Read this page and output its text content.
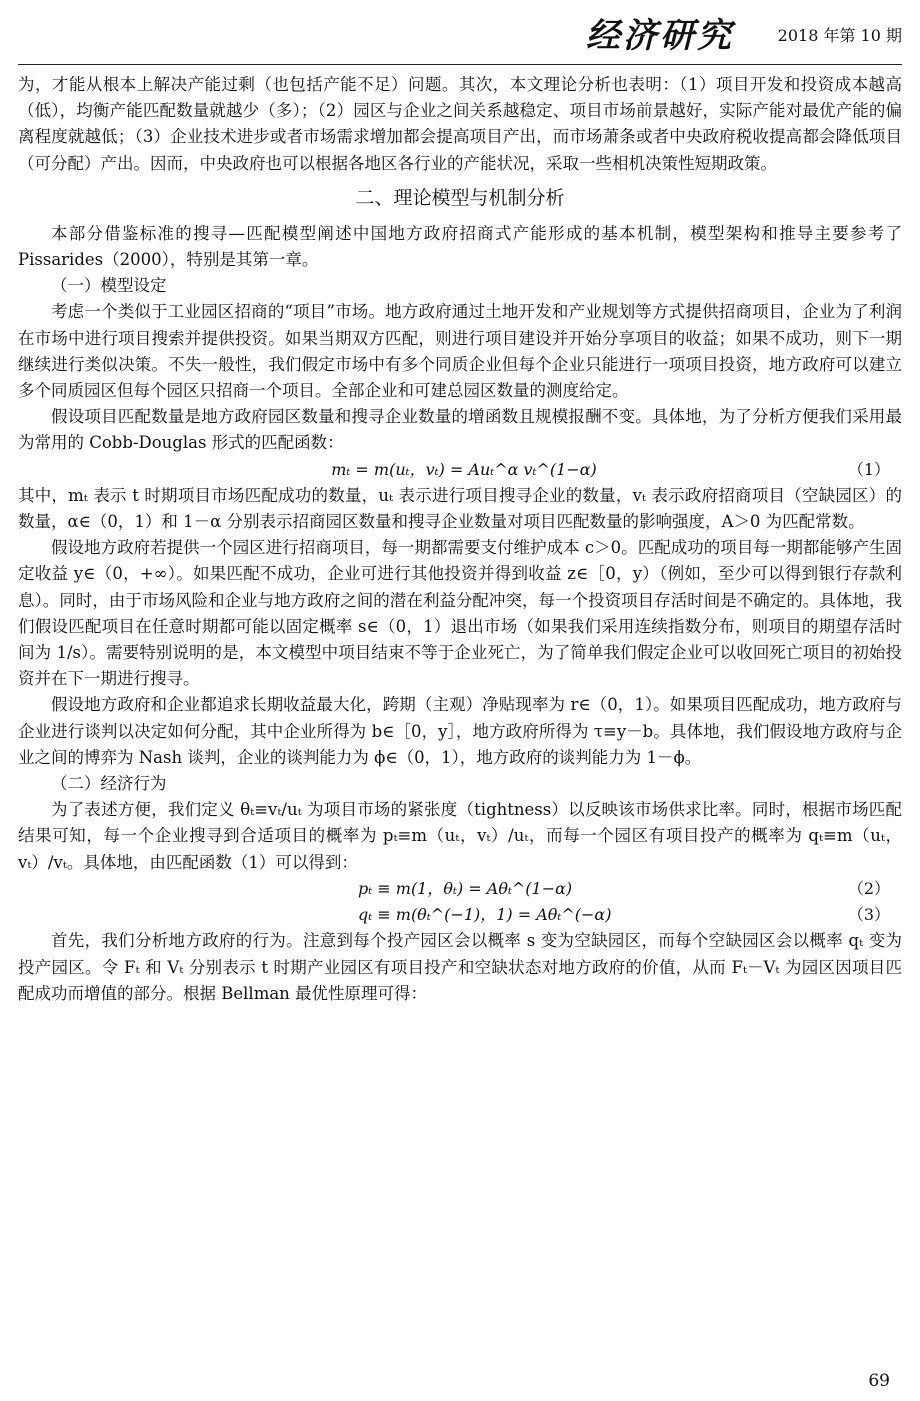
经济研究	2018 年第 10 期

为，才能从根本上解决产能过剩（也包括产能不足）问题。其次，本文理论分析也表明：（1）项目开发和投资成本越高（低），均衡产能匹配数量就越少（多）；（2）园区与企业之间关系越稳定、项目市场前景越好，实际产能对最优产能的偏离程度就越低；（3）企业技术进步或者市场需求增加都会提高项目产出，而市场萧条或者中央政府税收提高都会降低项目（可分配）产出。因而，中央政府也可以根据各地区各行业的产能状况，采取一些相机决策性短期政策。

二、理论模型与机制分析

本部分借鉴标准的搜寻—匹配模型阐述中国地方政府招商式产能形成的基本机制，模型架构和推导主要参考了 Pissarides（2000），特别是其第一章。

（一）模型设定

考虑一个类似于工业园区招商的“项目”市场。地方政府通过土地开发和产业规划等方式提供招商项目，企业为了利润在市场中进行项目搜索并提供投资。如果当期双方匹配，则进行项目建设并开始分享项目的收益；如果不成功，则下一期继续进行类似决策。不失一般性，我们假定市场中有多个同质企业但每个企业只能进行一项项目投资，地方政府可以建立多个同质园区但每个园区只招商一个项目。全部企业和可建总园区数量的测度给定。

假设项目匹配数量是地方政府园区数量和搜寻企业数量的增函数且规模报酬不变。具体地，为了分析方便我们采用最为常用的 Cobb-Douglas 形式的匹配函数：

mₜ = m(uₜ，vₜ) = Auₜ^α vₜ^(1−α)	（1）

其中，mₜ 表示 t 时期项目市场匹配成功的数量，uₜ 表示进行项目搜寻企业的数量，vₜ 表示政府招商项目（空缺园区）的数量，α∈（0，1）和 1－α 分别表示招商园区数量和搜寻企业数量对项目匹配数量的影响强度，A＞0 为匹配常数。

假设地方政府若提供一个园区进行招商项目，每一期都需要支付维护成本 c＞0。匹配成功的项目每一期都能够产生固定收益 y∈（0，+∞）。如果匹配不成功，企业可进行其他投资并得到收益 z∈［0，y）（例如，至少可以得到银行存款利息）。同时，由于市场风险和企业与地方政府之间的潜在利益分配冲突，每一个投资项目存活时间是不确定的。具体地，我们假设匹配项目在任意时期都可能以固定概率 s∈（0，1）退出市场（如果我们采用连续指数分布，则项目的期望存活时间为 1/s）。需要特别说明的是，本文模型中项目结束不等于企业死亡，为了简单我们假定企业可以收回死亡项目的初始投资并在下一期进行搜寻。

假设地方政府和企业都追求长期收益最大化，跨期（主观）净贴现率为 r∈（0，1）。如果项目匹配成功，地方政府与企业进行谈判以决定如何分配，其中企业所得为 b∈［0，y］，地方政府所得为 τ≡y－b。具体地，我们假设地方政府与企业之间的博弈为 Nash 谈判，企业的谈判能力为 ϕ∈（0，1），地方政府的谈判能力为 1－ϕ。

（二）经济行为

为了表述方便，我们定义 θₜ≡vₜ/uₜ 为项目市场的紧张度（tightness）以反映该市场供求比率。同时，根据市场匹配结果可知，每一个企业搜寻到合适项目的概率为 pₜ≡m（uₜ，vₜ）/uₜ，而每一个园区有项目投产的概率为 qₜ≡m（uₜ，vₜ）/vₜ。具体地，由匹配函数（1）可以得到：

pₜ ≡ m(1，θₜ) = Aθₜ^(1−α)	（2）
qₜ ≡ m(θₜ^(−1)，1) = Aθₜ^(−α)	（3）

首先，我们分析地方政府的行为。注意到每个投产园区会以概率 s 变为空缺园区，而每个空缺园区会以概率 qₜ 变为投产园区。令 Fₜ 和 Vₜ 分别表示 t 时期产业园区有项目投产和空缺状态对地方政府的价值，从而 Fₜ－Vₜ 为园区因项目匹配成功而增值的部分。根据 Bellman 最优性原理可得：

69
